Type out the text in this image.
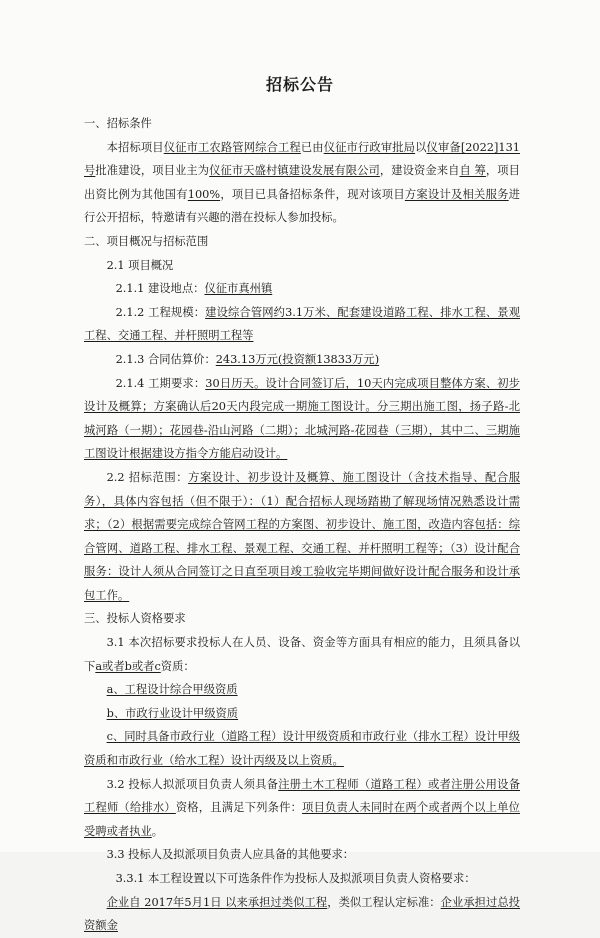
招标公告

一、招标条件

本招标项目仪征市工农路管网综合工程已由仪征市行政审批局以仪审备[2022]131号批准建设，项目业主为仪征市天盛村镇建设发展有限公司，建设资金来自自 筹，项目出资比例为其他国有100%，项目已具备招标条件，现对该项目方案设计及相关服务进行公开招标，特邀请有兴趣的潜在投标人参加投标。

二、项目概况与招标范围

2.1 项目概况

2.1.1 建设地点：仪征市真州镇

2.1.2 工程规模：建设综合管网约3.1万米、配套建设道路工程、排水工程、景观工程、交通工程、并杆照明工程等

2.1.3 合同估算价：243.13万元(投资额13833万元)

2.1.4 工期要求：30日历天。设计合同签订后，10天内完成项目整体方案、初步设计及概算；方案确认后20天内段完成一期施工图设计。分三期出施工图，扬子路-北城河路（一期）；花园巷-沿山河路（二期）；北城河路-花园巷（三期），其中二、三期施工图设计根据建设方指令方能启动设计。

2.2 招标范围：方案设计、初步设计及概算、施工图设计（含技术指导、配合服务），具体内容包括（但不限于）：（1）配合招标人现场踏勘了解现场情况熟悉设计需求；（2）根据需要完成综合管网工程的方案图、初步设计、施工图，改造内容包括：综合管网、道路工程、排水工程、景观工程、交通工程、并杆照明工程等；（3）设计配合服务：设计人须从合同签订之日直至项目竣工验收完毕期间做好设计配合服务和设计承包工作。

三、投标人资格要求

3.1 本次招标要求投标人在人员、设备、资金等方面具有相应的能力，且须具备以下a或者b或者c资质：

a、工程设计综合甲级资质

b、市政行业设计甲级资质

c、同时具备市政行业（道路工程）设计甲级资质和市政行业（排水工程）设计甲级资质和市政行业（给水工程）设计丙级及以上资质。

3.2 投标人拟派项目负责人须具备注册土木工程师（道路工程）或者注册公用设备工程师（给排水）资格，且满足下列条件：项目负责人未同时在两个或者两个以上单位受聘或者执业。

3.3 投标人及拟派项目负责人应具备的其他要求：

3.3.1 本工程设置以下可选条件作为投标人及拟派项目负责人资格要求：

企业自 2017年5月1日 以来承担过类似工程，类似工程认定标准：企业承担过总投资额金
